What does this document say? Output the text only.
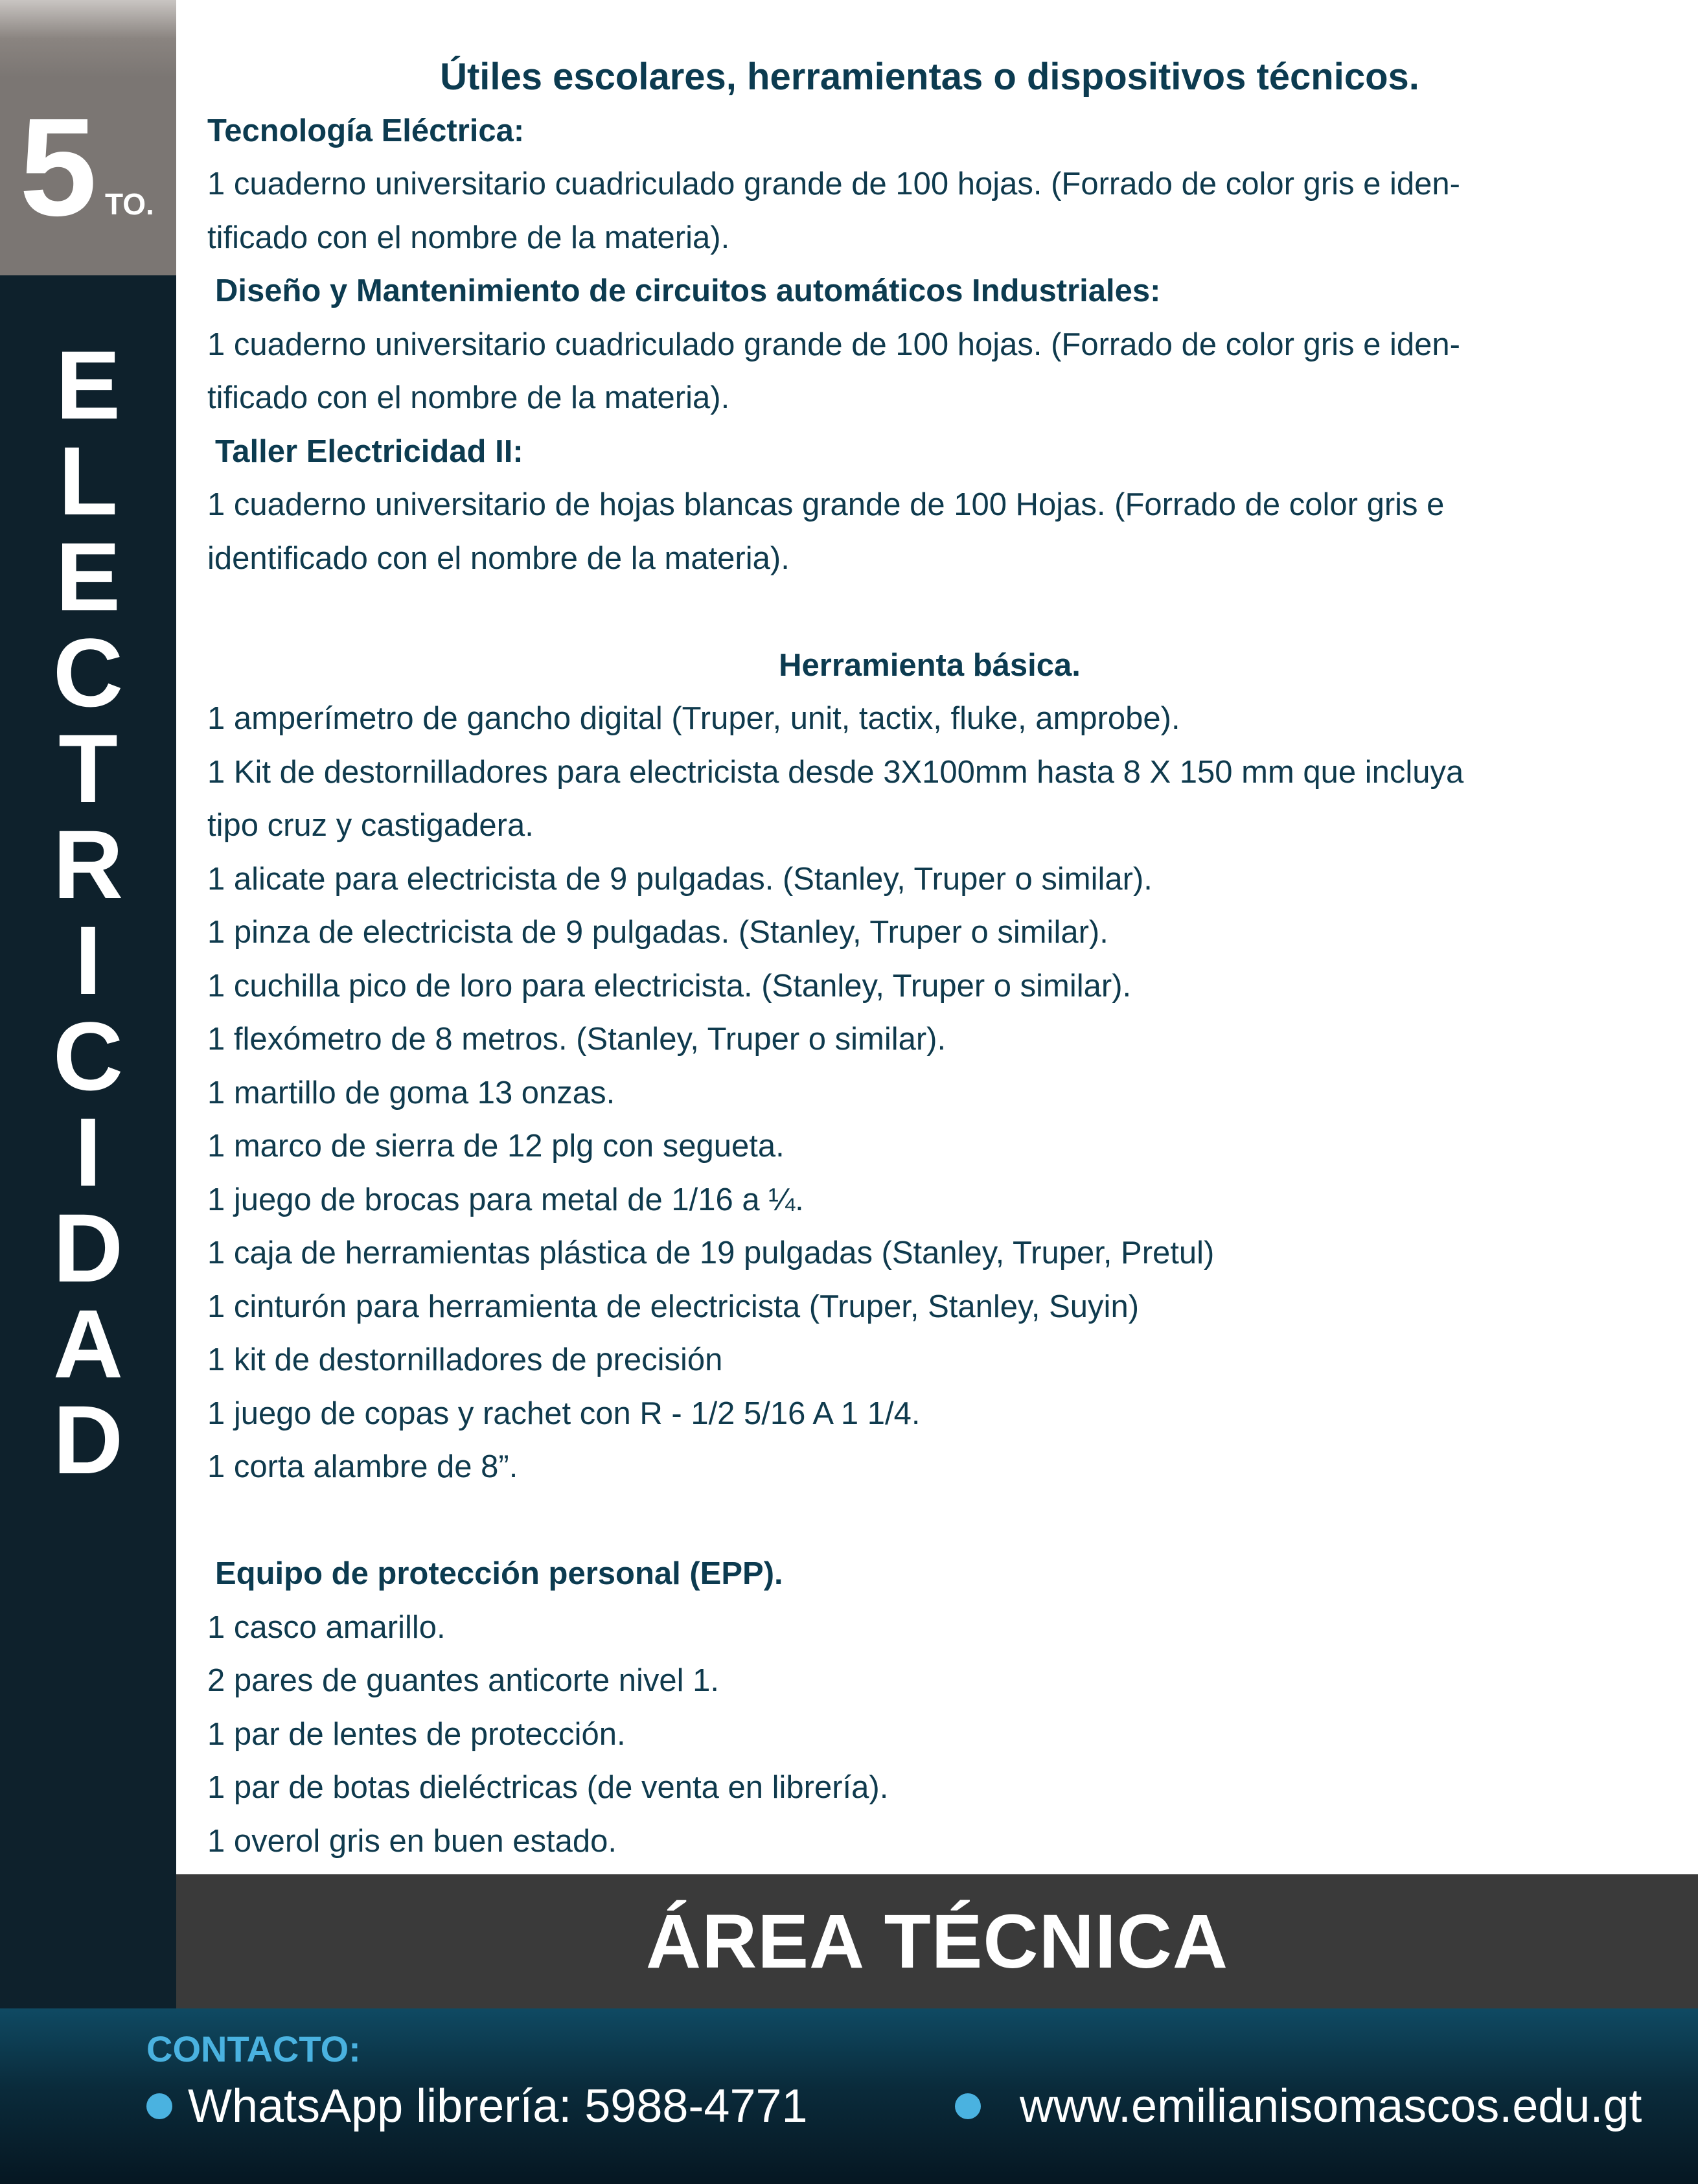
5 TO.
E
L
E
C
T
R
I
C
I
D
A
D
Útiles escolares, herramientas o dispositivos técnicos.
Tecnología Eléctrica:
1 cuaderno universitario cuadriculado grande de 100 hojas. (Forrado de color gris e iden-
tificado con el nombre de la materia).
Diseño y Mantenimiento de circuitos automáticos Industriales:
1 cuaderno universitario cuadriculado grande de 100 hojas. (Forrado de color gris e iden-
tificado con el nombre de la materia).
Taller Electricidad II:
1 cuaderno universitario de hojas blancas grande de 100 Hojas. (Forrado de color gris e
identificado con el nombre de la materia).
Herramienta básica.
1 amperímetro de gancho digital (Truper, unit, tactix, fluke, amprobe).
1 Kit de destornilladores para electricista desde 3X100mm hasta 8 X 150 mm que incluya
tipo cruz y castigadera.
1 alicate para electricista de 9 pulgadas. (Stanley, Truper o similar).
1 pinza de electricista de 9 pulgadas. (Stanley, Truper o similar).
1 cuchilla pico de loro para electricista. (Stanley, Truper o similar).
1 flexómetro de 8 metros. (Stanley, Truper o similar).
1 martillo de goma 13 onzas.
1 marco de sierra de 12 plg con segueta.
1 juego de brocas para metal de 1/16 a ¼.
1 caja de herramientas plástica de 19 pulgadas (Stanley, Truper, Pretul)
1 cinturón para herramienta de electricista (Truper, Stanley, Suyin)
1 kit de destornilladores de precisión
1 juego de copas y rachet con R - 1/2 5/16 A 1 1/4.
1 corta alambre de 8”.
Equipo de protección personal (EPP).
1 casco amarillo.
2 pares de guantes anticorte nivel 1.
1 par de lentes de protección.
1 par de botas dieléctricas (de venta en librería).
1 overol gris en buen estado.
ÁREA TÉCNICA
CONTACTO:
WhatsApp librería: 5988-4771	www.emilianisomascos.edu.gt
